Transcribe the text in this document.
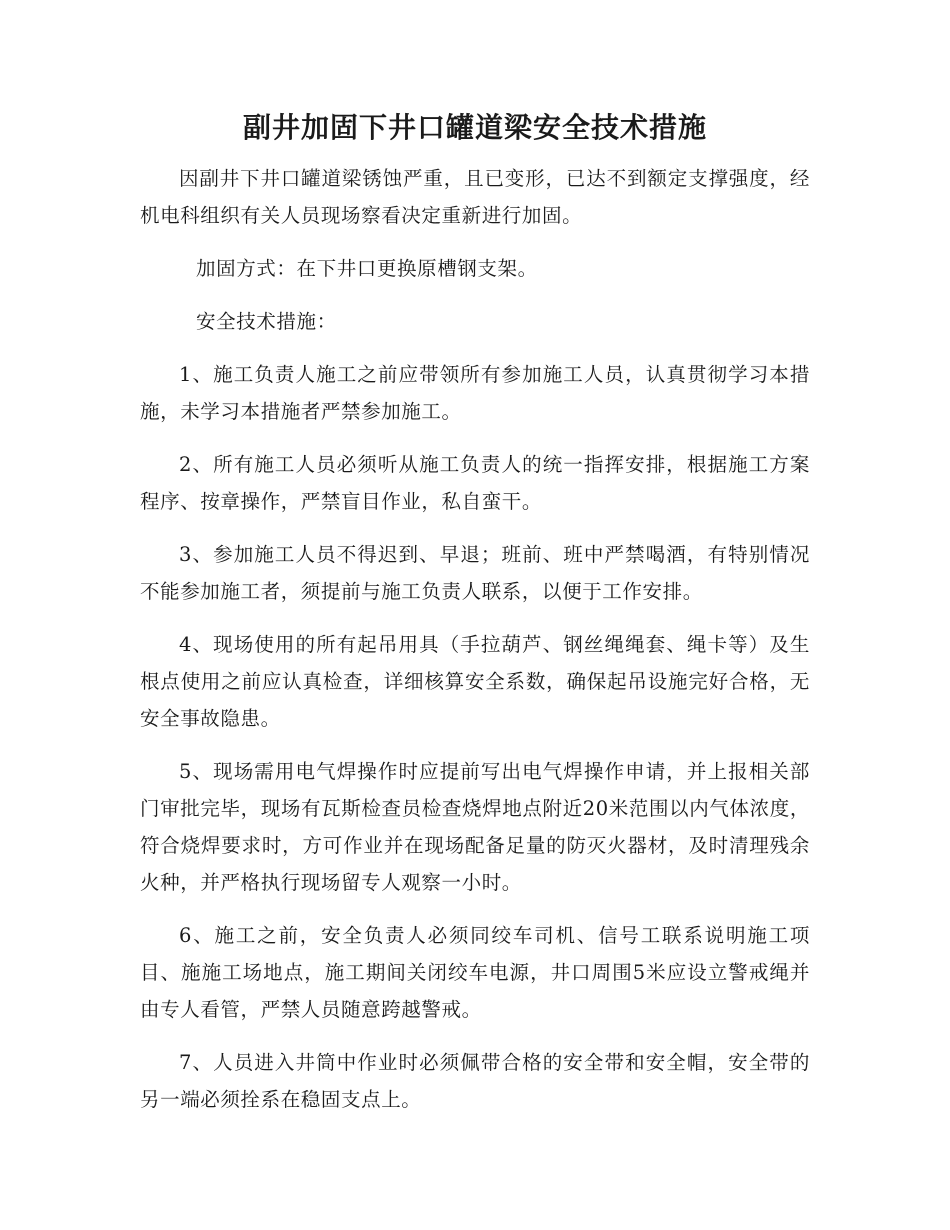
副井加固下井口罐道梁安全技术措施

因副井下井口罐道梁锈蚀严重，且已变形，已达不到额定支撑强度，经机电科组织有关人员现场察看决定重新进行加固。

加固方式：在下井口更换原槽钢支架。

安全技术措施：

1、施工负责人施工之前应带领所有参加施工人员，认真贯彻学习本措施，未学习本措施者严禁参加施工。

2、所有施工人员必须听从施工负责人的统一指挥安排，根据施工方案程序、按章操作，严禁盲目作业，私自蛮干。

3、参加施工人员不得迟到、早退；班前、班中严禁喝酒，有特别情况不能参加施工者，须提前与施工负责人联系，以便于工作安排。

4、现场使用的所有起吊用具（手拉葫芦、钢丝绳绳套、绳卡等）及生根点使用之前应认真检查，详细核算安全系数，确保起吊设施完好合格，无安全事故隐患。

5、现场需用电气焊操作时应提前写出电气焊操作申请，并上报相关部门审批完毕，现场有瓦斯检查员检查烧焊地点附近20米范围以内气体浓度，符合烧焊要求时，方可作业并在现场配备足量的防灭火器材，及时清理残余火种，并严格执行现场留专人观察一小时。

6、施工之前，安全负责人必须同绞车司机、信号工联系说明施工项目、施施工场地点，施工期间关闭绞车电源，井口周围5米应设立警戒绳并由专人看管，严禁人员随意跨越警戒。

7、人员进入井筒中作业时必须佩带合格的安全带和安全帽，安全带的另一端必须拴系在稳固支点上。
